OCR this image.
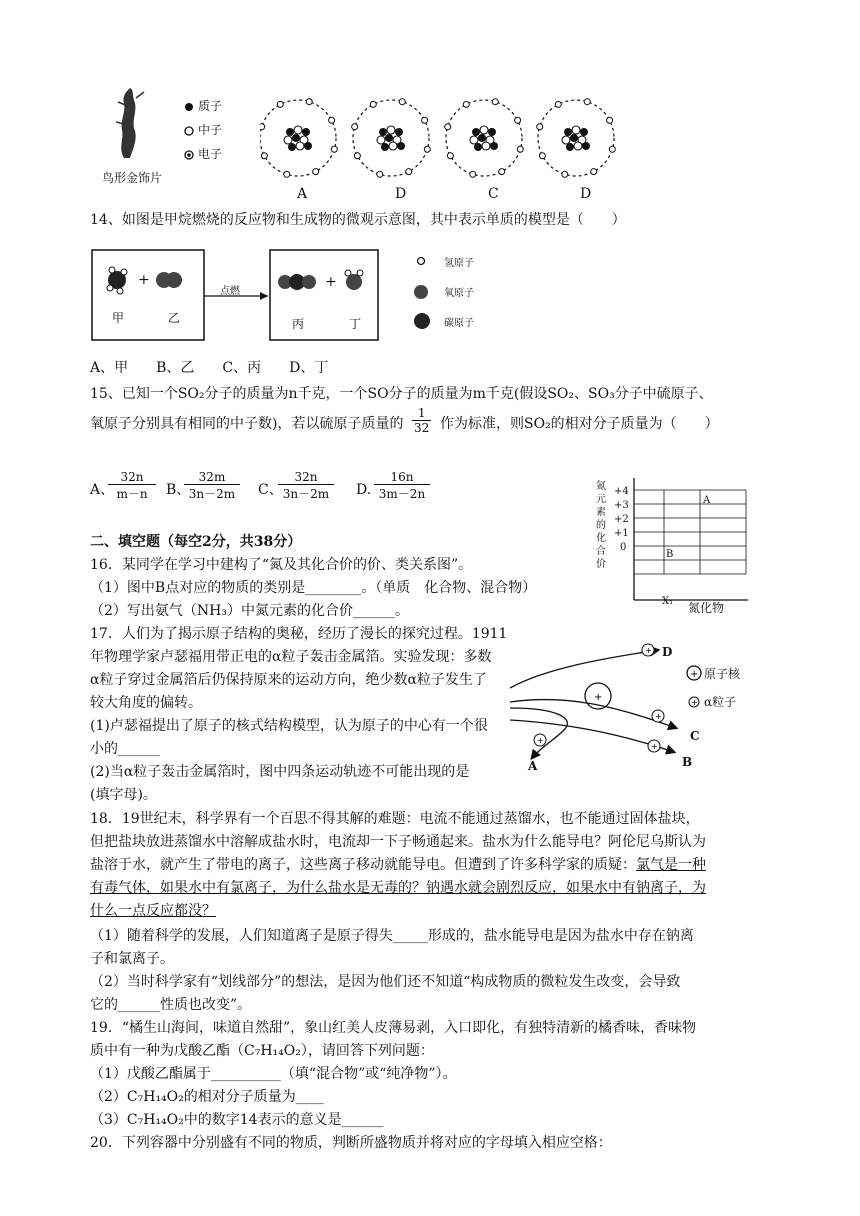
鸟形金饰片
质子
中子
电子
A	D	C	D
14、如图是甲烷燃烧的反应物和生成物的微观示意图，其中表示单质的模型是（　　）
+	+
点燃
甲	乙	丙	丁
氢原子
氧原子
碳原子
A、甲　　B、乙　　C、丙　　D、丁
15、已知一个SO₂分子的质量为n千克，一个SO分子的质量为m千克(假设SO₂、SO₃分子中硫原子、
氧原子分别具有相同的中子数)，若以硫原子质量的 $\frac{1}{32}$ 作为标准，则SO₂的相对分子质量为（　　）
A、
$\frac{32n}{m-n}$ B、
$\frac{32m}{3n-2m}$ C、
$\frac{32n}{3n-2m} D$. $\frac{16n}{3m-2n}$	氮
元
素
的
化
合
价
+4
+3
+2
+1
0
A
B
X₁ 氮化物
二、填空题（每空2分，共38分）
16．某同学在学习中建构了“氮及其化合价的价、类关系图”。
（1）图中B点对应的物质的类别是________。（单质　化合物、混合物）
（2）写出氨气（NH₃）中氮元素的化合价______。
17．人们为了揭示原子结构的奥秘，经历了漫长的探究过程。1911
年物理学家卢瑟福用带正电的α粒子轰击金属箔。实验发现：多数
α粒子穿过金属箔后仍保持原来的运动方向，绝少数α粒子发生了
较大角度的偏转。
(1)卢瑟福提出了原子的核式结构模型，认为原子的中心有一个很
小的______
(2)当α粒子轰击金属箔时，图中四条运动轨迹不可能出现的是
(填字母)。
+
+
+
+
+
D
C
B
A
+ 原子核
+ α粒子
18．19世纪末，科学界有一个百思不得其解的难题：电流不能通过蒸馏水，也不能通过固体盐块，
但把盐块放进蒸馏水中溶解成盐水时，电流却一下子畅通起来。盐水为什么能导电？阿伦尼乌斯认为
盐溶于水，就产生了带电的离子，这些离子移动就能导电。但遭到了许多科学家的质疑：氯气是一种
有毒气体，如果水中有氯离子，为什么盐水是无毒的？钠遇水就会剧烈反应，如果水中有钠离子，为
什么一点反应都没？
（1）随着科学的发展，人们知道离子是原子得失_____形成的，盐水能导电是因为盐水中存在钠离
子和氯离子。
（2）当时科学家有“划线部分”的想法，是因为他们还不知道“构成物质的微粒发生改变，会导致
它的______性质也改变”。
19．“橘生山海间，味道自然甜”，象山红美人皮薄易剥，入口即化，有独特清新的橘香味，香味物
质中有一种为戊酸乙酯（C₇H₁₄O₂），请回答下列问题：
（1）戊酸乙酯属于__________（填“混合物”或“纯净物”）。
（2）C₇H₁₄O₂的相对分子质量为____
（3）C₇H₁₄O₂中的数字14表示的意义是______
20．下列容器中分别盛有不同的物质，判断所盛物质并将对应的字母填入相应空格：
